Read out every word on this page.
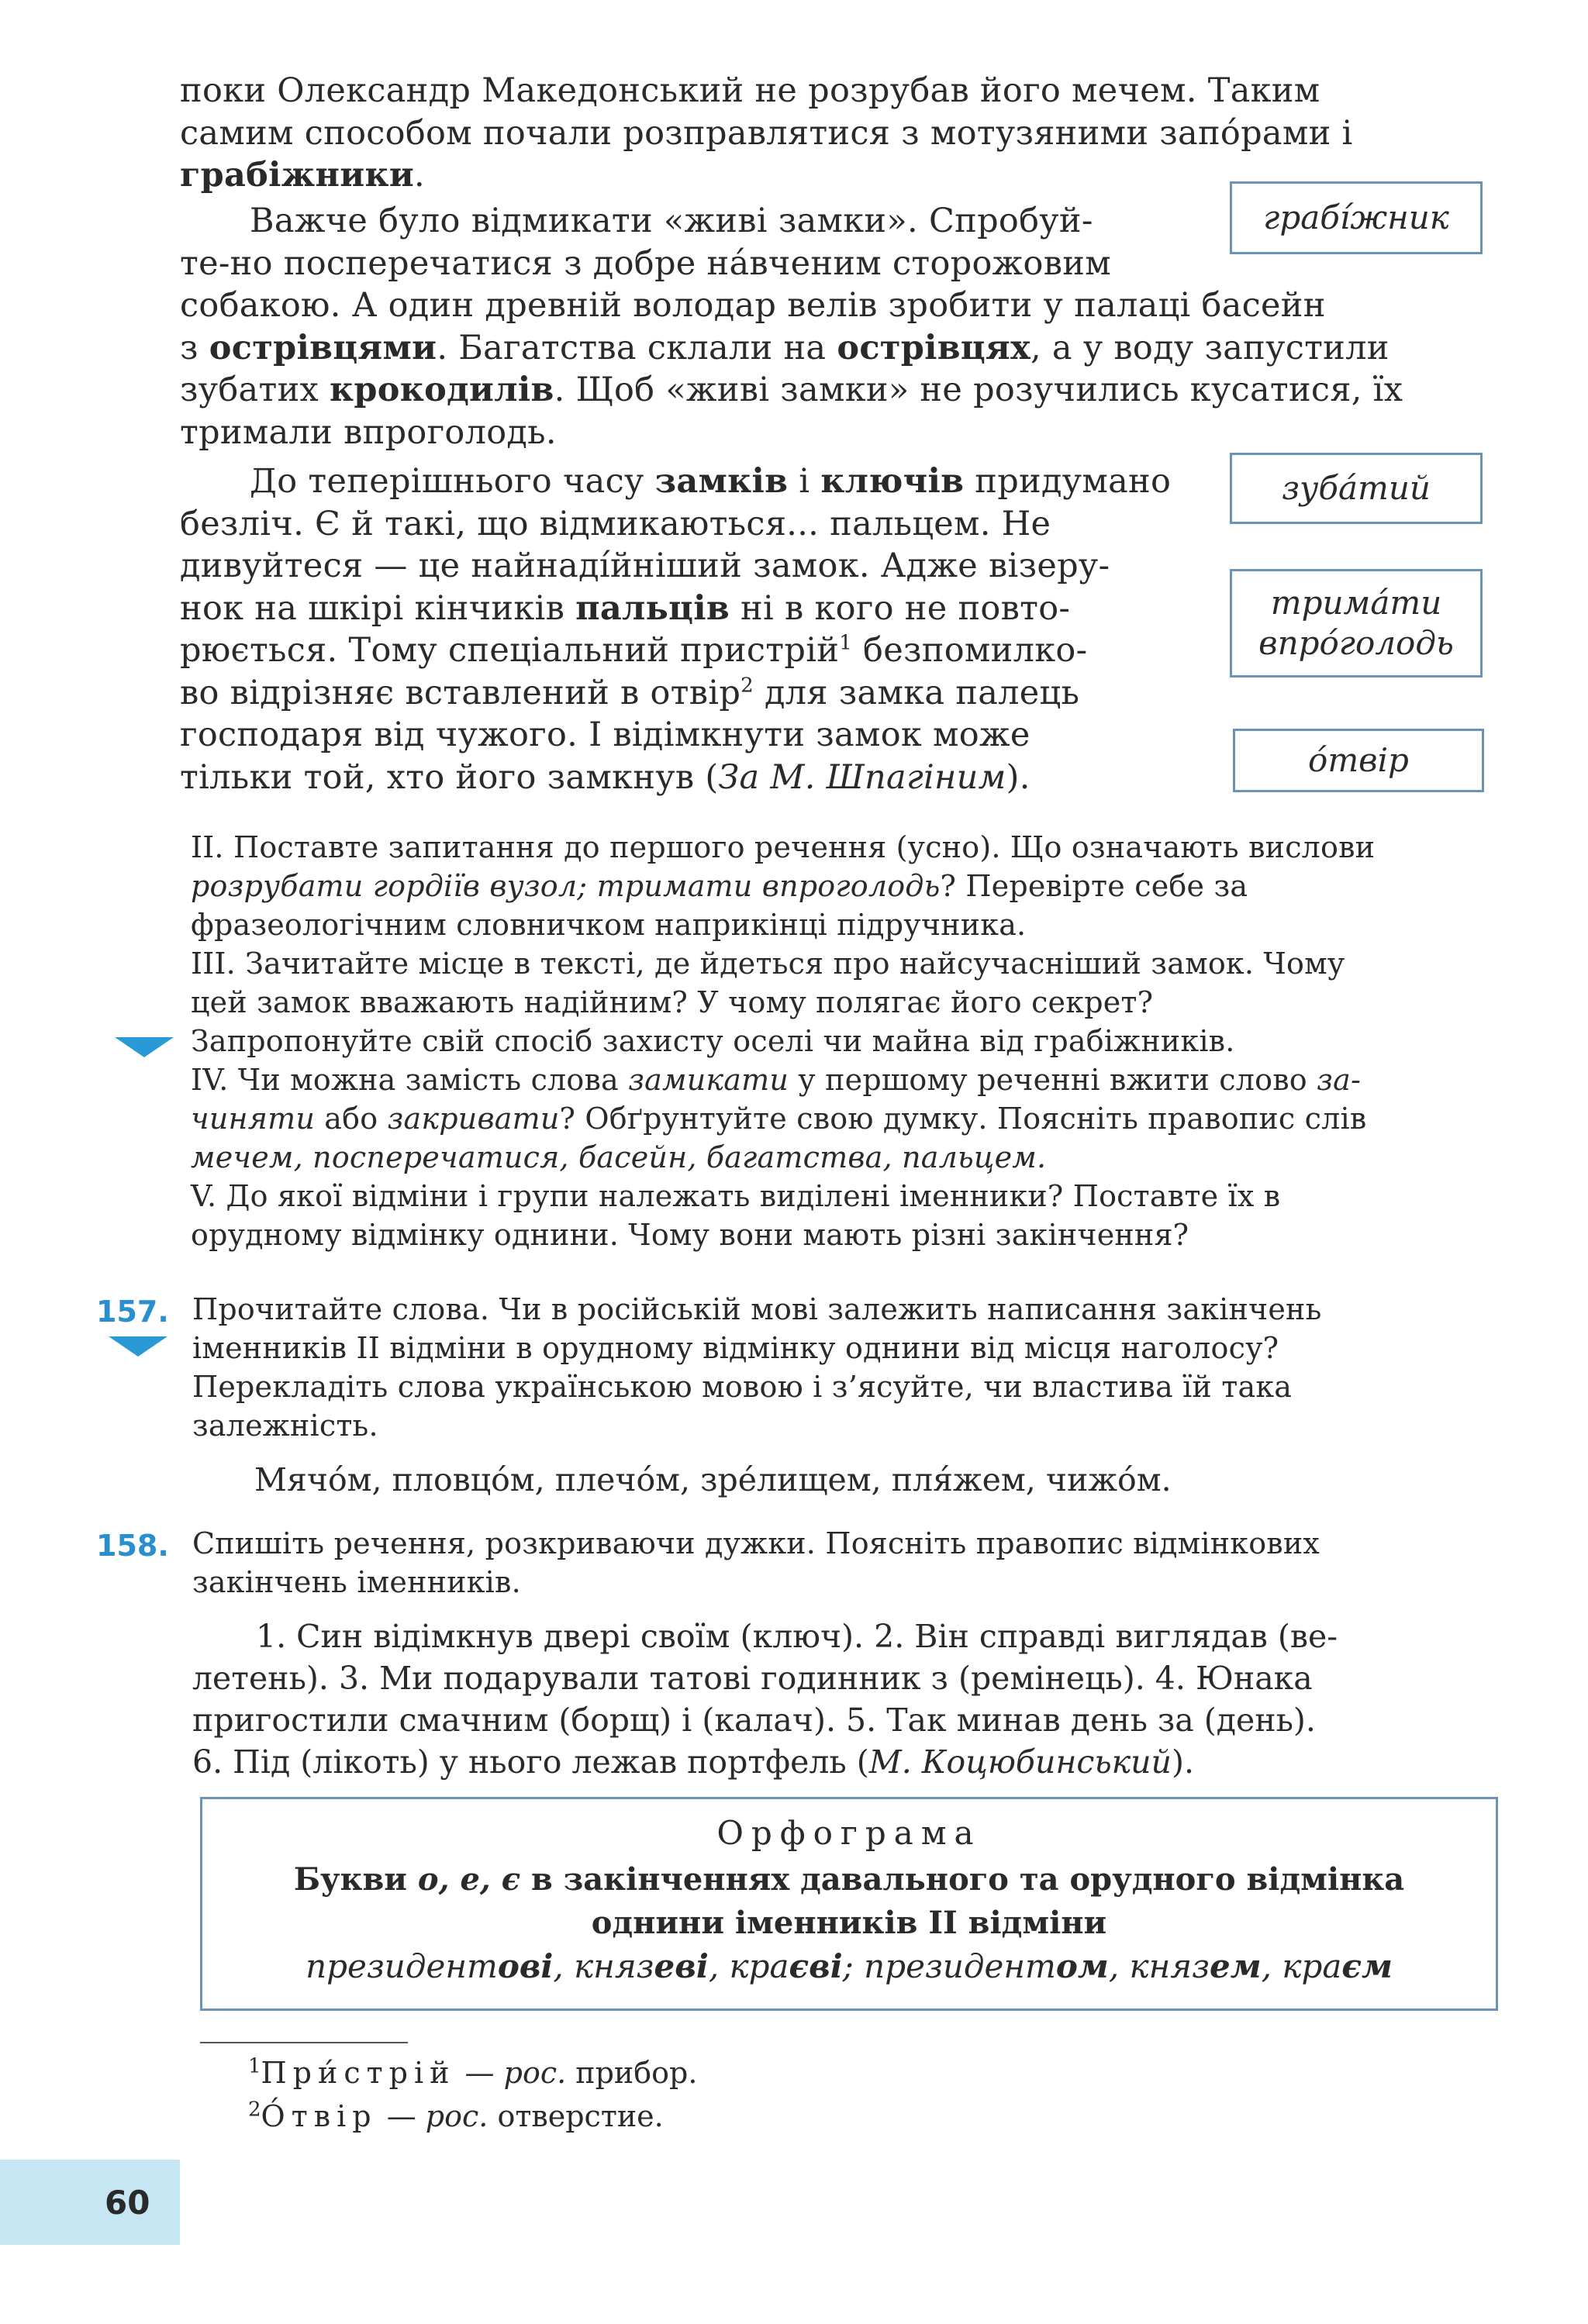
поки Олександр Македонський не розрубав його мечем. Таким
самим способом почали розправлятися з мотузяними запо́рами і
грабіжники.
Важче було відмикати «живі замки». Спробуй-
те-но посперечатися з добре на́вченим сторожовим
собакою. А один древній володар велів зробити у палаці басейн
з острівцями. Багатства склали на острівцях, а у воду запустили
зубатих крокодилів. Щоб «живі замки» не розучились кусатися, їх
тримали впроголодь.
До теперішнього часу замків і ключів придумано
безліч. Є й такі, що відмикаються... пальцем. Не
дивуйтеся — це найнаді́йніший замок. Адже візеру-
нок на шкірі кінчиків пальців ні в кого не повто-
рюється. Тому спеціальний пристрій$^1$ безпомилко-
во відрізняє вставлений в отвір$^2$ для замка палець
господаря від чужого. І відімкнути замок може
тільки той, хто його замкнув (За М. Шпагіним).
грабі́жник
зуба́тий
трима́ти
впро́голодь
о́твір
II. Поставте запитання до першого речення (усно). Що означають вислови
розрубати гордіїв вузол; тримати впроголодь? Перевірте себе за
фразеологічним словничком наприкінці підручника.
III. Зачитайте місце в тексті, де йдеться про найсучасніший замок. Чому
цей замок вважають надійним? У чому полягає його секрет?
Запропонуйте свій спосіб захисту оселі чи майна від грабіжників.
IV. Чи можна замість слова замикати у першому реченні вжити слово за-
чиняти або закривати? Обґрунтуйте свою думку. Поясніть правопис слів
мечем, посперечатися, басейн, багатства, пальцем.
V. До якої відміни і групи належать виділені іменники? Поставте їх в
орудному відмінку однини. Чому вони мають різні закінчення?
157. Прочитайте слова. Чи в російській мові залежить написання закінчень
іменників II відміни в орудному відмінку однини від місця наголосу?
Перекладіть слова українською мовою і з’ясуйте, чи властива їй така
залежність.
Мячо́м, пловцо́м, плечо́м, зре́лищем, пля́жем, чижо́м.
158. Спишіть речення, розкриваючи дужки. Поясніть правопис відмінкових
закінчень іменників.
1. Син відімкнув двері своїм (ключ). 2. Він справді виглядав (ве-
летень). 3. Ми подарували татові годинник з (ремінець). 4. Юнака
пригостили смачним (борщ) і (калач). 5. Так минав день за (день).
6. Під (лікоть) у нього лежав портфель (М. Коцюбинський).
Орфограма
Букви о, е, є в закінченнях давального та орудного відмінка
однини іменників II відміни
президентові, князеві, краєві; президентом, князем, краєм
$^1$При́стрій — рос. прибор.
$^2$О́твір — рос. отверстие.
60
